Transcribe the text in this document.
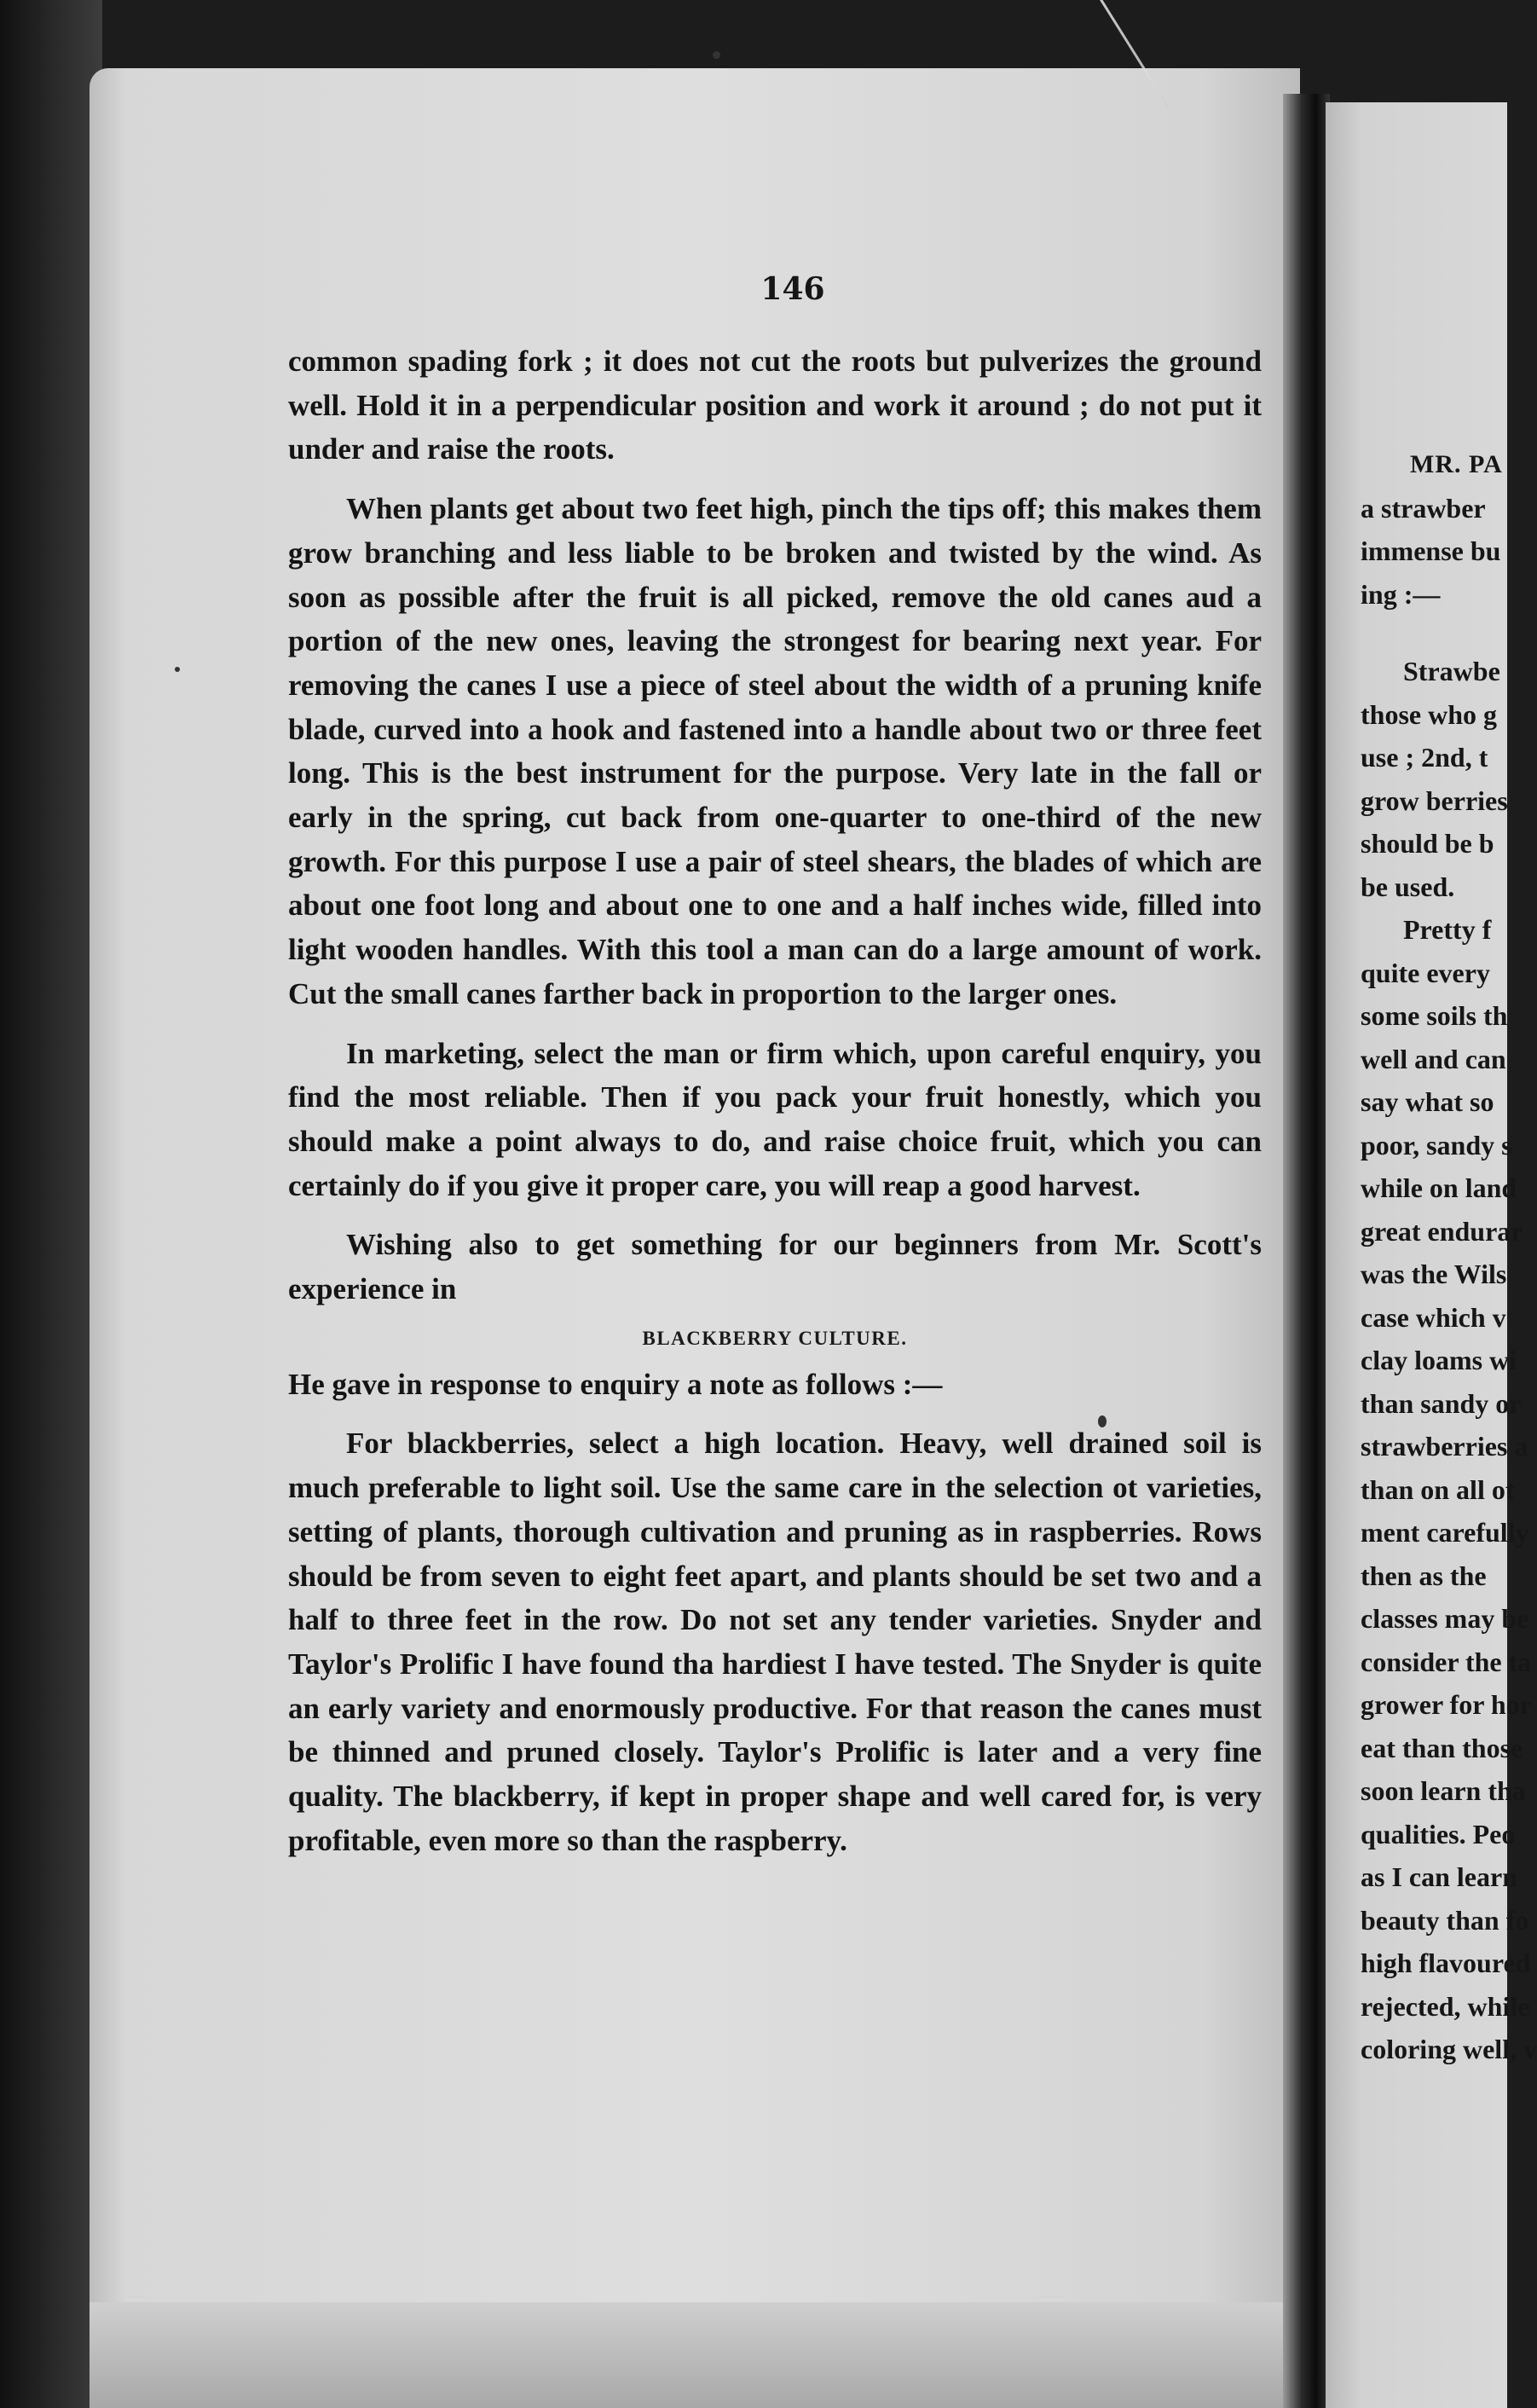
146

common spading fork ; it does not cut the roots but pulverizes the ground well. Hold it in a perpendicular position and work it around ; do not put it under and raise the roots.

When plants get about two feet high, pinch the tips off; this makes them grow branching and less liable to be broken and twisted by the wind. As soon as possible after the fruit is all picked, remove the old canes aud a portion of the new ones, leaving the strongest for bearing next year. For removing the canes I use a piece of steel about the width of a pruning knife blade, curved into a hook and fastened into a handle about two or three feet long. This is the best instrument for the purpose. Very late in the fall or early in the spring, cut back from one-quarter to one-third of the new growth. For this purpose I use a pair of steel shears, the blades of which are about one foot long and about one to one and a half inches wide, filled into light wooden handles. With this tool a man can do a large amount of work. Cut the small canes farther back in proportion to the larger ones.

In marketing, select the man or firm which, upon careful enquiry, you find the most reliable. Then if you pack your fruit honestly, which you should make a point always to do, and raise choice fruit, which you can certainly do if you give it proper care, you will reap a good harvest.

Wishing also to get something for our beginners from Mr. Scott's experience in

BLACKBERRY CULTURE.

He gave in response to enquiry a note as follows :—

For blackberries, select a high location. Heavy, well drained soil is much preferable to light soil. Use the same care in the selection ot varieties, setting of plants, thorough cultivation and pruning as in raspberries. Rows should be from seven to eight feet apart, and plants should be set two and a half to three feet in the row. Do not set any tender varieties. Snyder and Taylor's Prolific I have found tha hardiest I have tested. The Snyder is quite an early variety and enormously productive. For that reason the canes must be thinned and pruned closely. Taylor's Prolific is later and a very fine quality. The blackberry, if kept in proper shape and well cared for, is very profitable, even more so than the raspberry.

MR. PA
a strawber
immense bu
ing :—
Strawbe
those who g
use ; 2nd, t
grow berries
should be b
be used.
Pretty f
quite every
some soils th
well and can
say what so
poor, sandy s
while on land
great endurar
was the Wils
case which v
clay loams wi
than sandy or
strawberries a
than on all ot
ment carefully
then as the
classes may be
consider the ta
grower for hor
eat than those
soon learn tha
qualities. Peo
as I can learn
beauty than fo
high flavoured
rejected, while
coloring well, v
